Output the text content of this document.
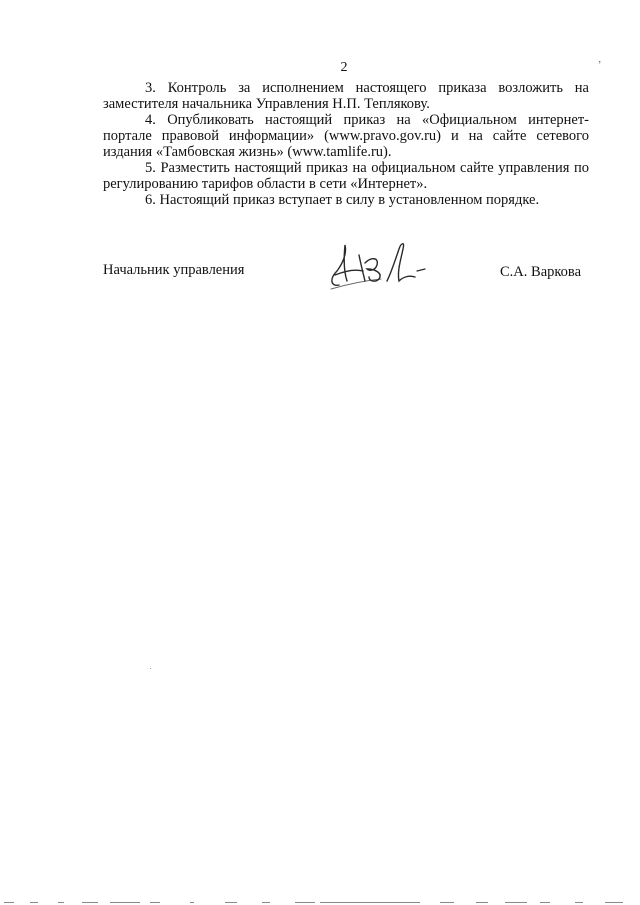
2	ʼ

3. Контроль за исполнением настоящего приказа возложить на заместителя начальника Управления Н.П. Теплякову.

4. Опубликовать настоящий приказ на «Официальном интернет-портале правовой информации» (www.pravo.gov.ru) и на сайте сетевого издания «Тамбовская жизнь» (www.tamlife.ru).

5. Разместить настоящий приказ на официальном сайте управления по регулированию тарифов области в сети «Интернет».

6. Настоящий приказ вступает в силу в установленном порядке.

Начальник управления	С.А. Варкова
